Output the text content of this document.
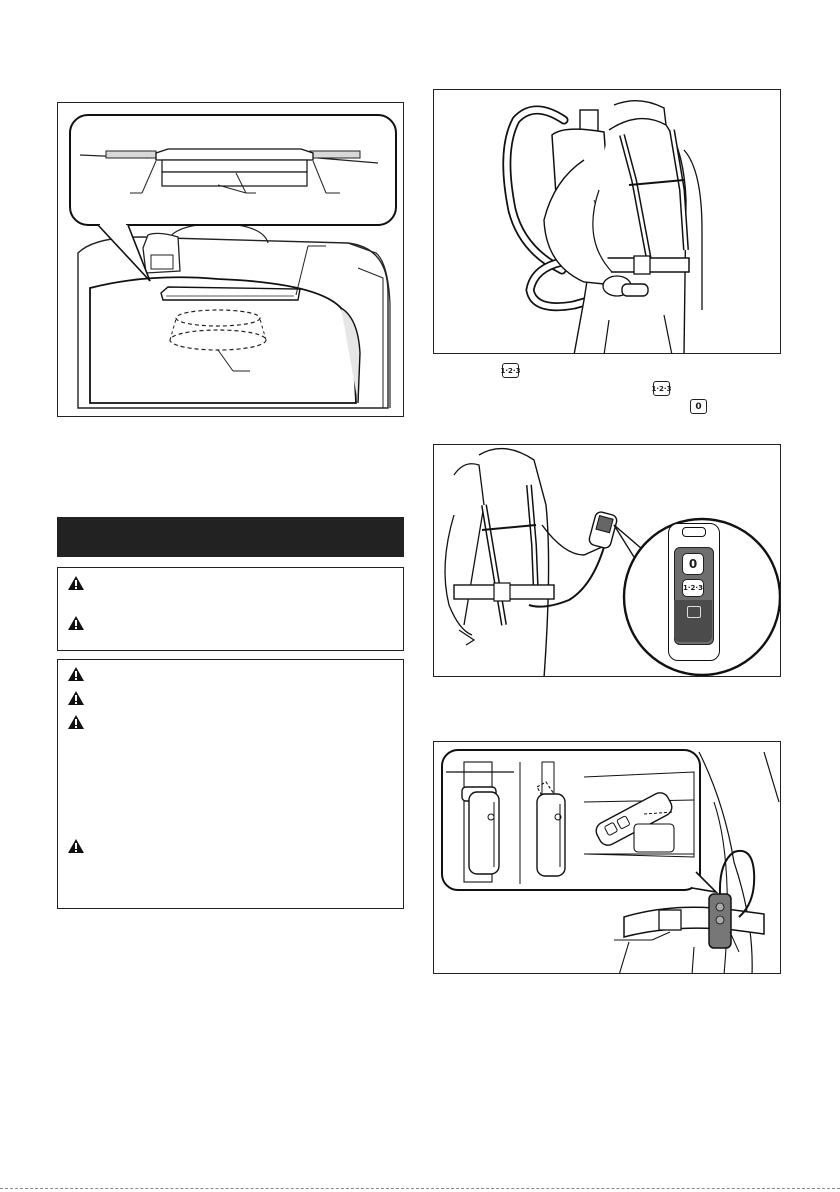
1·2·3
1·2·3
0
0
1·2·3
